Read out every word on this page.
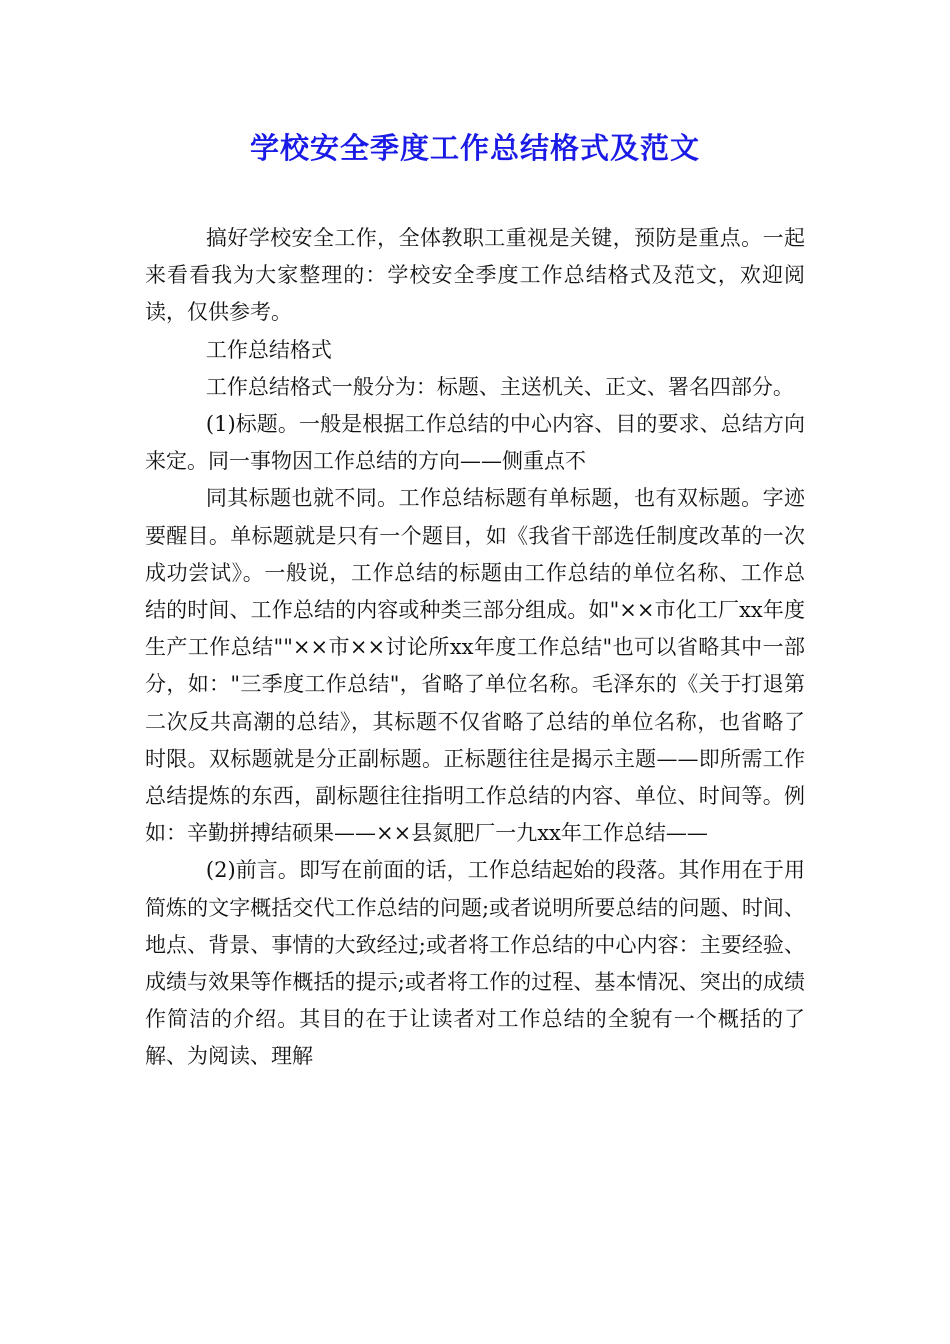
学校安全季度工作总结格式及范文

搞好学校安全工作，全体教职工重视是关键，预防是重点。一起来看看我为大家整理的：学校安全季度工作总结格式及范文，欢迎阅读，仅供参考。

工作总结格式

工作总结格式一般分为：标题、主送机关、正文、署名四部分。

(1)标题。一般是根据工作总结的中心内容、目的要求、总结方向来定。同一事物因工作总结的方向——侧重点不

同其标题也就不同。工作总结标题有单标题，也有双标题。字迹要醒目。单标题就是只有一个题目，如《我省干部选任制度改革的一次成功尝试》。一般说，工作总结的标题由工作总结的单位名称、工作总结的时间、工作总结的内容或种类三部分组成。如"××市化工厂xx年度生产工作总结""××市××讨论所xx年度工作总结"也可以省略其中一部分，如："三季度工作总结"，省略了单位名称。毛泽东的《关于打退第二次反共高潮的总结》，其标题不仅省略了总结的单位名称，也省略了时限。双标题就是分正副标题。正标题往往是揭示主题——即所需工作总结提炼的东西，副标题往往指明工作总结的内容、单位、时间等。例如：辛勤拼搏结硕果——××县氮肥厂一九xx年工作总结——

(2)前言。即写在前面的话，工作总结起始的段落。其作用在于用简炼的文字概括交代工作总结的问题;或者说明所要总结的问题、时间、地点、背景、事情的大致经过;或者将工作总结的中心内容：主要经验、成绩与效果等作概括的提示;或者将工作的过程、基本情况、突出的成绩作简洁的介绍。其目的在于让读者对工作总结的全貌有一个概括的了解、为阅读、理解
